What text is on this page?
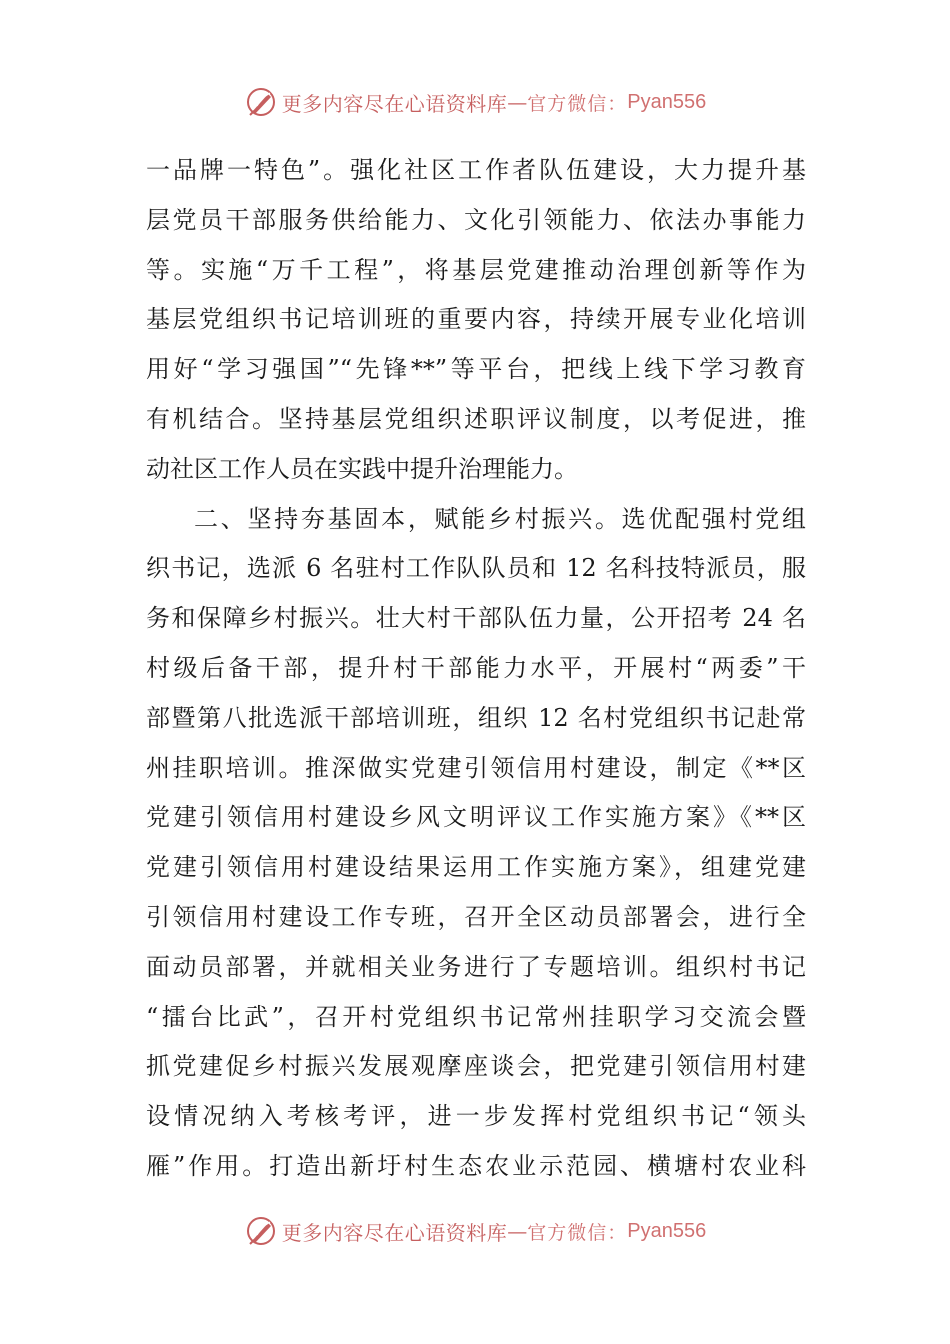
更多内容尽在心语资料库 — 官方微信： Pyan556
一品牌一特色”。强化社区工作者队伍建设，大力提升基
层党员干部服务供给能力、文化引领能力、依法办事能力
等。实施“万千工程”，将基层党建推动治理创新等作为
基层党组织书记培训班的重要内容，持续开展专业化培训
用好“学习强国”“先锋**”等平台，把线上线下学习教育
有机结合。坚持基层党组织述职评议制度，以考促进，推
动社区工作人员在实践中提升治理能力。
二、坚持夯基固本，赋能乡村振兴。选优配强村党组
织书记，选派 6 名驻村工作队队员和 12 名科技特派员，服
务和保障乡村振兴。壮大村干部队伍力量，公开招考 24 名
村级后备干部，提升村干部能力水平，开展村“两委”干
部暨第八批选派干部培训班，组织 12 名村党组织书记赴常
州挂职培训。推深做实党建引领信用村建设，制定《**区
党建引领信用村建设乡风文明评议工作实施方案》《**区
党建引领信用村建设结果运用工作实施方案》，组建党建
引领信用村建设工作专班，召开全区动员部署会，进行全
面动员部署，并就相关业务进行了专题培训。组织村书记
“擂台比武”，召开村党组织书记常州挂职学习交流会暨
抓党建促乡村振兴发展观摩座谈会，把党建引领信用村建
设情况纳入考核考评，进一步发挥村党组织书记“领头
雁”作用。打造出新圩村生态农业示范园、横塘村农业科
更多内容尽在心语资料库 — 官方微信： Pyan556
